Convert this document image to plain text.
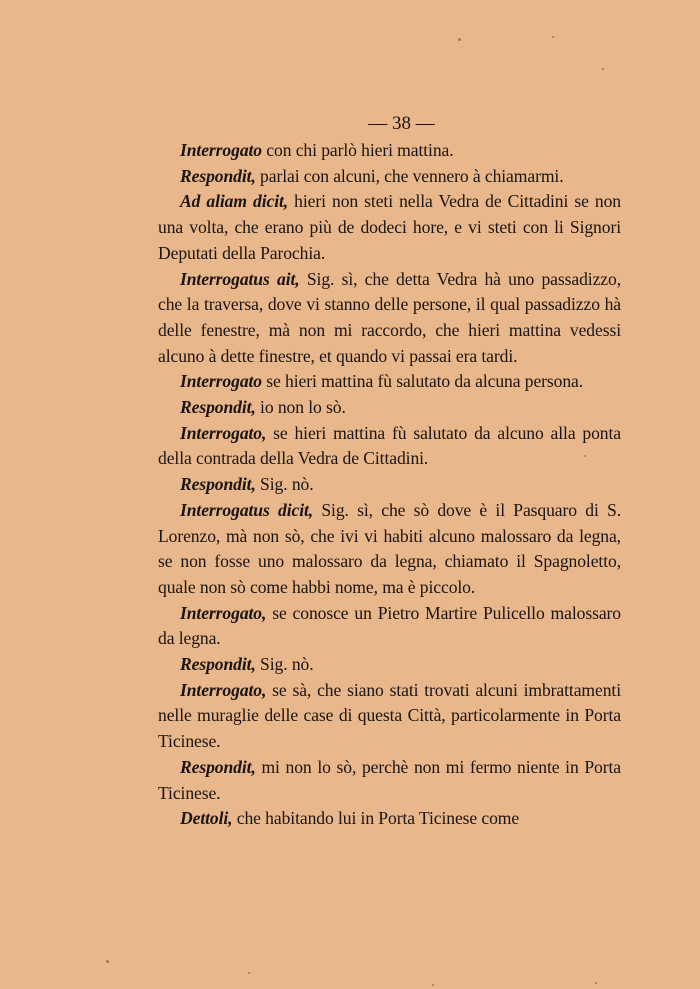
— 38 —

Interrogato con chi parlò hieri mattina.

Respondit, parlai con alcuni, che vennero à chiamarmi.

Ad aliam dicit, hieri non steti nella Vedra de Cittadini se non una volta, che erano più de dodeci hore, e vi steti con li Signori Deputati della Parochia.

Interrogatus ait, Sig. sì, che detta Vedra hà uno passadizzo, che la traversa, dove vi stanno delle persone, il qual passadizzo hà delle fenestre, mà non mi raccordo, che hieri mattina vedessi alcuno à dette finestre, et quando vi passai era tardi.

Interrogato se hieri mattina fù salutato da alcuna persona.

Respondit, io non lo sò.

Interrogato, se hieri mattina fù salutato da alcuno alla ponta della contrada della Vedra de Cittadini.

Respondit, Sig. nò.

Interrogatus dicit, Sig. sì, che sò dove è il Pasquaro di S. Lorenzo, mà non sò, che ivi vi habiti alcuno malossaro da legna, se non fosse uno malossaro da legna, chiamato il Spagnoletto, quale non sò come habbi nome, ma è piccolo.

Interrogato, se conosce un Pietro Martire Pulicello malossaro da legna.

Respondit, Sig. nò.

Interrogato, se sà, che siano stati trovati alcuni imbrattamenti nelle muraglie delle case di questa Città, particolarmente in Porta Ticinese.

Respondit, mi non lo sò, perchè non mi fermo niente in Porta Ticinese.

Dettoli, che habitando lui in Porta Ticinese come
